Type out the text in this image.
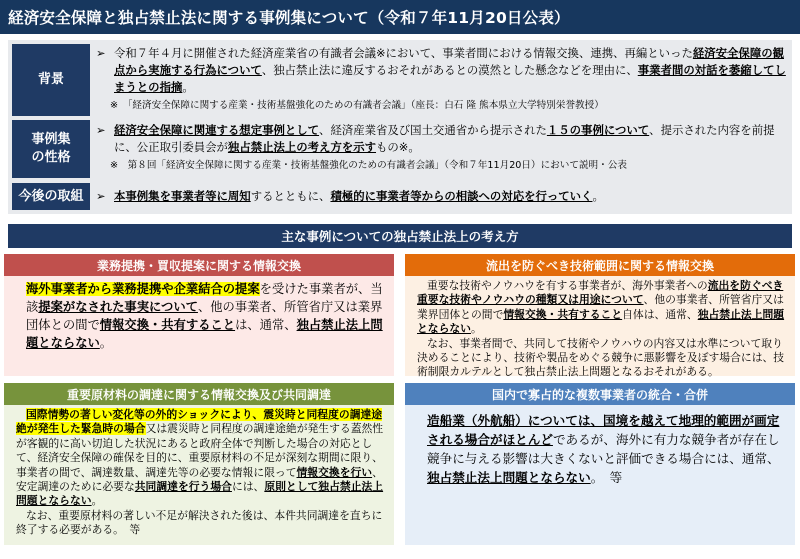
経済安全保障と独占禁止法に関する事例集について（令和７年11月20日公表）
背景
➢ 令和７年４月に開催された経済産業省の有識者会議※において、事業者間における情報交換、連携、再編といった経済安全保障の観点から実施する行為について、独占禁止法に違反するおそれがあるとの漠然とした懸念などを理由に、事業者間の対話を萎縮してしまうとの指摘。
※　「経済安全保障に関する産業・技術基盤強化のための有識者会議」（座長：白石 隆 熊本県立大学特別栄誉教授）
事例集
の性格
➢ 経済安全保障に関連する想定事例として、経済産業省及び国土交通省から提示された１５の事例について、提示された内容を前提に、公正取引委員会が独占禁止法上の考え方を示すもの※。
※　第８回「経済安全保障に関する産業・技術基盤強化のための有識者会議」（令和７年11月20日）において説明・公表
今後の取組 ➢ 本事例集を事業者等に周知するとともに、積極的に事業者等からの相談への対応を行っていく。
主な事例についての独占禁止法上の考え方
業務提携・買収提案に関する情報交換
海外事業者から業務提携や企業結合の提案を受けた事業者が、当該提案がなされた事実について、他の事業者、所管省庁又は業界団体との間で情報交換・共有することは、通常、独占禁止法上問題とならない。
流出を防ぐべき技術範囲に関する情報交換
重要な技術やノウハウを有する事業者が、海外事業者への流出を防ぐべき重要な技術やノウハウの種類又は用途について、他の事業者、所管省庁又は業界団体との間で情報交換・共有すること自体は、通常、独占禁止法上問題とならない。
なお、事業者間で、共同して技術やノウハウの内容又は水準について取り決めることにより、技術や製品をめぐる競争に悪影響を及ぼす場合には、技術制限カルテルとして独占禁止法上問題となるおそれがある。
重要原材料の調達に関する情報交換及び共同調達
国際情勢の著しい変化等の外的ショックにより、震災時と同程度の調達途絶が発生した緊急時の場合又は震災時と同程度の調達途絶が発生する蓋然性が客観的に高い切迫した状況にあると政府全体で判断した場合の対応として、経済安全保障の確保を目的に、重要原材料の不足が深刻な期間に限り、事業者の間で、調達数量、調達先等の必要な情報に限って情報交換を行い、安定調達のために必要な共同調達を行う場合には、原則として独占禁止法上問題とならない。
なお、重要原材料の著しい不足が解決された後は、本件共同調達を直ちに終了する必要がある。　等
国内で寡占的な複数事業者の統合・合併
造船業（外航船）については、国境を越えて地理的範囲が画定される場合がほとんどであるが、海外に有力な競争者が存在し競争に与える影響は大きくないと評価できる場合には、通常、独占禁止法上問題とならない。　等
